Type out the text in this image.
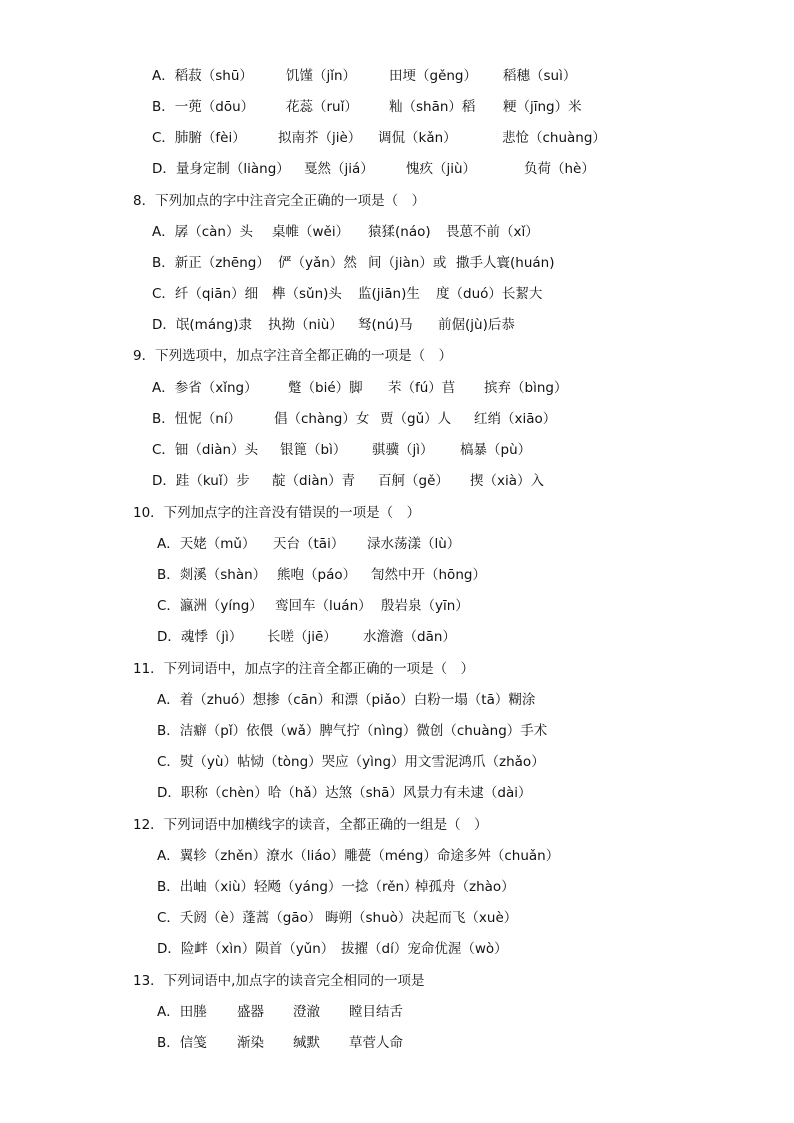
A．稻菽（shū） 饥馑（jǐn） 田埂（gěng） 稻穗（suì）
B．一蔸（dōu） 花蕊（ruǐ） 籼（shān）稻 粳（jīng）米
C．肺腑（fèi） 拟南芥（jiè） 调侃（kǎn）	悲怆（chuàng）
D．量身定制（liàng） 戛然（jiá） 愧疚（jiù）	负荷（hè）
8．下列加点的字中注音完全正确的一项是（　）
A．孱（càn）头 桌帷（wěi） 猿猱(náo) 畏葸不前（xǐ）
B．新正（zhēng） 俨（yǎn）然 间（jiàn）或 撒手人寰(huán)
C．纤（qiān）细 榫（sǔn)头 监(jiān)生 度（duó）长絜大
D．氓(máng)隶 执拗（niù） 驽(nú)马 前倨(jù)后恭
9．下列选项中，加点字注音全都正确的一项是（　）
A．参省（xǐng） 蹩（bié）脚 芣（fú）苢 摈弃（bìng）
B．忸怩（ní） 倡（chàng）女 贾（gǔ）人 红绡（xiāo）
C．钿（diàn）头 银篦（bì） 骐骥（jì） 槁暴（pù）
D．跬（kuǐ）步 靛（diàn）青 百舸（gě） 揳（xià）入
10．下列加点字的注音没有错误的一项是（　）
A．天姥（mǔ） 天台（tāi） 渌水荡漾（lù）
B．剡溪（shàn） 熊咆（páo） 訇然中开（hōng）
C．瀛洲（yíng） 鸾回车（luán） 殷岩泉（yīn）
D．魂悸（jì） 长嗟（jiē） 水澹澹（dān）
11．下列词语中，加点字的注音全都正确的一项是（　）
A．着（zhuó）想掺（cān）和漂（piǎo）白粉一塌（tā）糊涂
B．洁癖（pǐ）依偎（wǎ）脾气拧（nìng）微创（chuàng）手术
C．熨（yù）帖恸（tòng）哭应（yìng）用文雪泥鸿爪（zhǎo）
D．职称（chèn）哈（hǎ）达煞（shā）风景力有未逮（dài）
12．下列词语中加横线字的读音，全都正确的一组是（　）
A．翼轸（zhěn）潦水（liáo）雕甍（méng）命途多舛（chuǎn）
B．出岫（xiù）轻飏（yáng）一捻（rěn）棹孤舟（zhào）
C．夭阏（è）蓬蒿（gāo） 晦朔（shuò）决起而飞（xuè）
D．险衅（xìn）陨首（yǔn） 拔擢（dí）宠命优渥（wò）
13．下列词语中,加点字的读音完全相同的一项是
A．田塍 盛器 澄澈 瞠目结舌
B．信笺 渐染 缄默 草菅人命
